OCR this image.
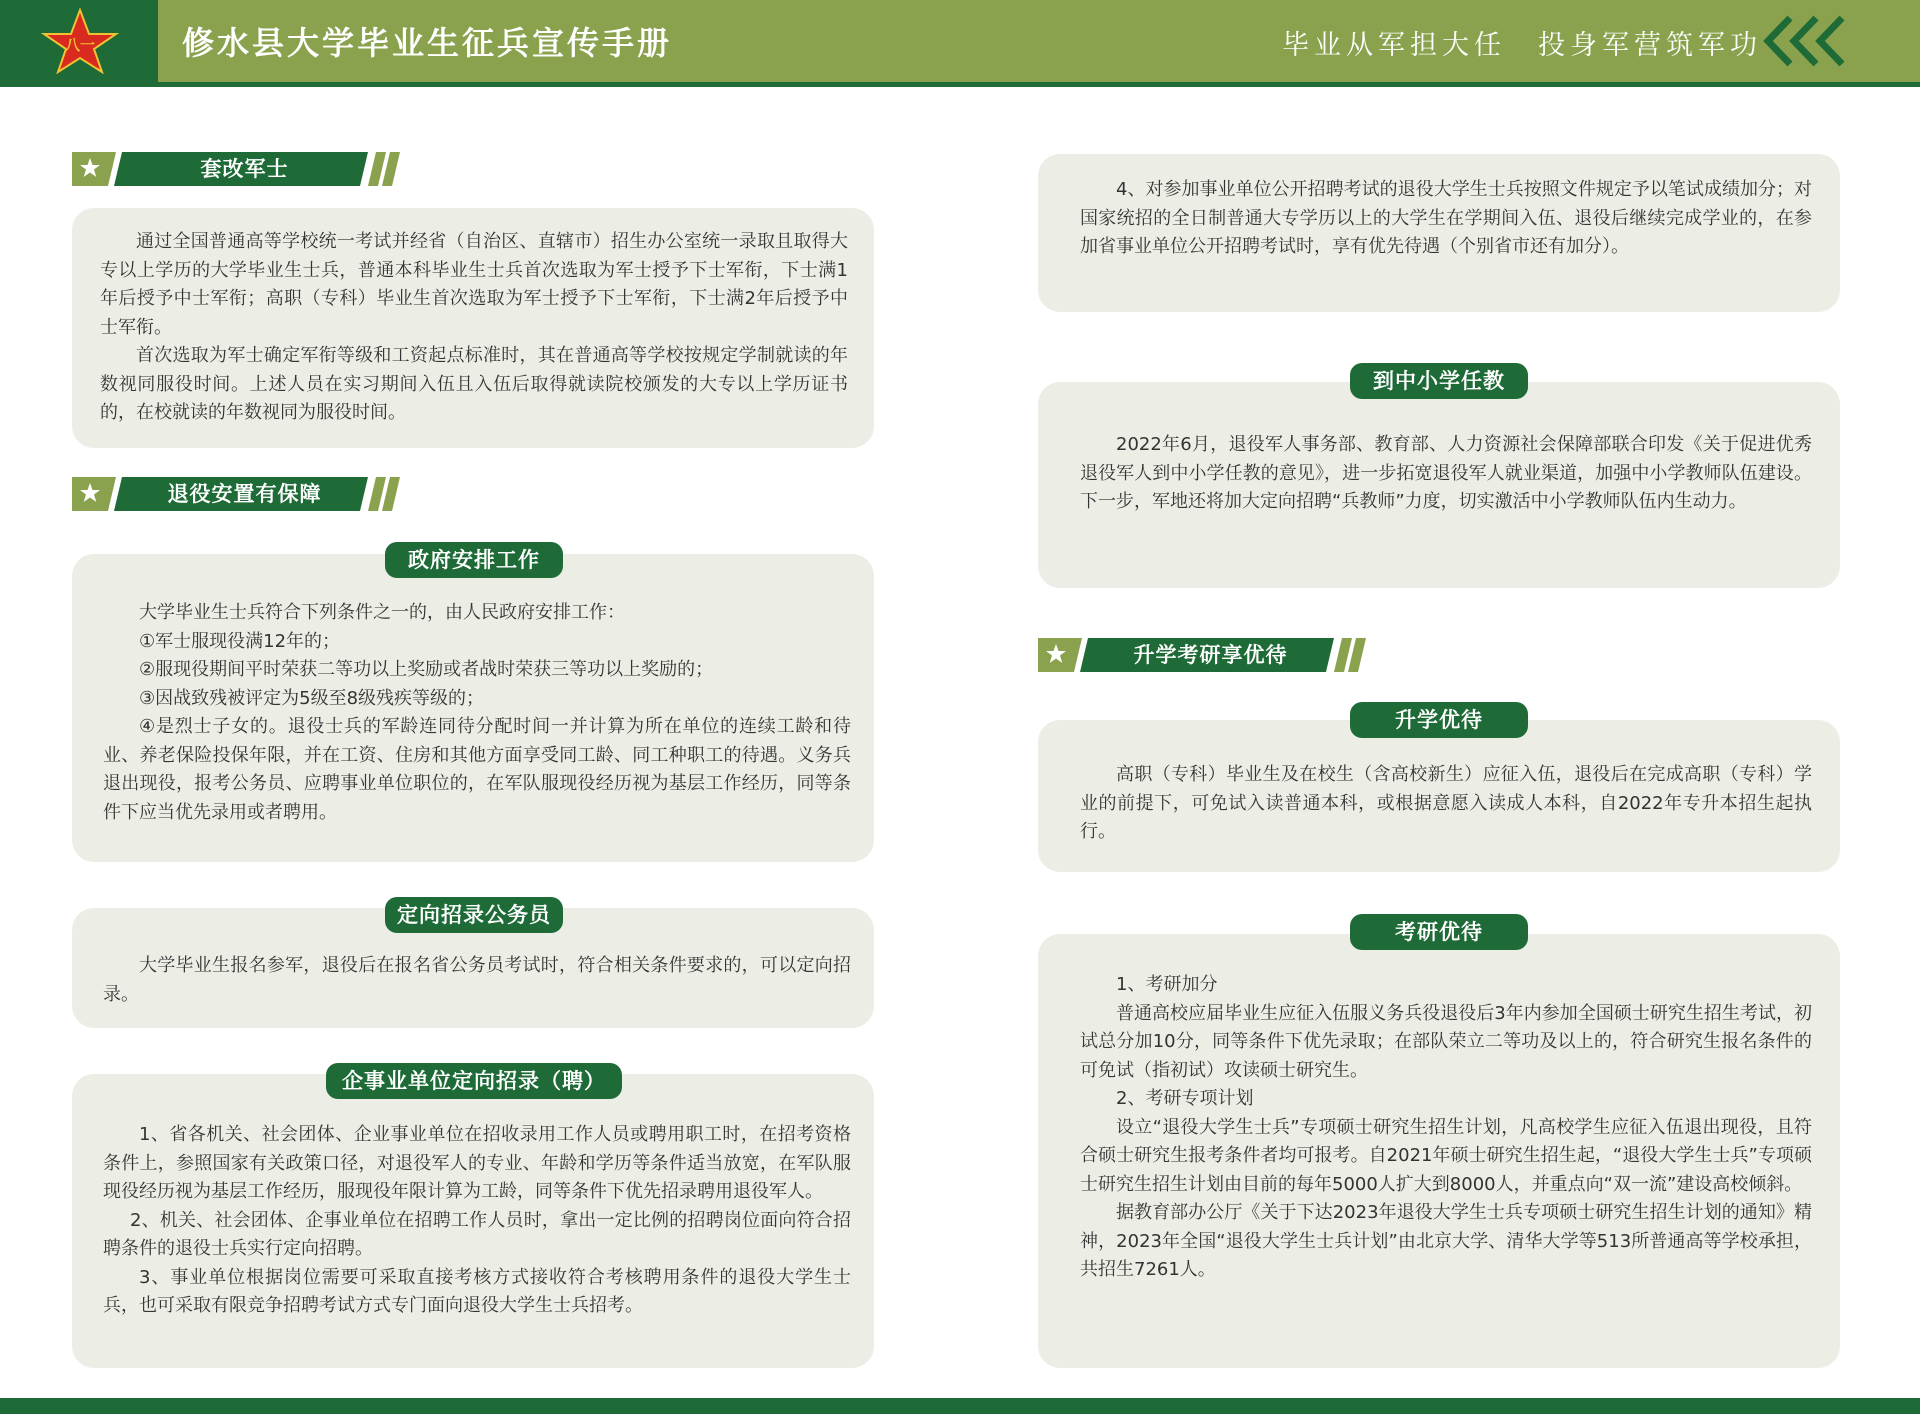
八一	修水县大学毕业生征兵宣传手册	毕业从军担大任　投身军营筑军功
套改军士

通过全国普通高等学校统一考试并经省（自治区、直辖市）招生办公室统一录取且取得大专以上学历的大学毕业生士兵，普通本科毕业生士兵首次选取为军士授予下士军衔，下士满1年后授予中士军衔；高职（专科）毕业生首次选取为军士授予下士军衔，下士满2年后授予中士军衔。

首次选取为军士确定军衔等级和工资起点标准时，其在普通高等学校按规定学制就读的年数视同服役时间。上述人员在实习期间入伍且入伍后取得就读院校颁发的大专以上学历证书的，在校就读的年数视同为服役时间。

退役安置有保障
政府安排工作

大学毕业生士兵符合下列条件之一的，由人民政府安排工作：

①军士服现役满12年的；

②服现役期间平时荣获二等功以上奖励或者战时荣获三等功以上奖励的；

③因战致残被评定为5级至8级残疾等级的；

④是烈士子女的。退役士兵的军龄连同待分配时间一并计算为所在单位的连续工龄和待业、养老保险投保年限，并在工资、住房和其他方面享受同工龄、同工种职工的待遇。义务兵退出现役，报考公务员、应聘事业单位职位的，在军队服现役经历视为基层工作经历，同等条件下应当优先录用或者聘用。

定向招录公务员

大学毕业生报名参军，退役后在报名省公务员考试时，符合相关条件要求的，可以定向招录。

企事业单位定向招录（聘）

1、省各机关、社会团体、企业事业单位在招收录用工作人员或聘用职工时，在招考资格条件上，参照国家有关政策口径，对退役军人的专业、年龄和学历等条件适当放宽，在军队服现役经历视为基层工作经历，服现役年限计算为工龄，同等条件下优先招录聘用退役军人。

2、机关、社会团体、企事业单位在招聘工作人员时，拿出一定比例的招聘岗位面向符合招聘条件的退役士兵实行定向招聘。

3、事业单位根据岗位需要可采取直接考核方式接收符合考核聘用条件的退役大学生士兵，也可采取有限竞争招聘考试方式专门面向退役大学生士兵招考。

4、对参加事业单位公开招聘考试的退役大学生士兵按照文件规定予以笔试成绩加分；对国家统招的全日制普通大专学历以上的大学生在学期间入伍、退役后继续完成学业的，在参加省事业单位公开招聘考试时，享有优先待遇（个别省市还有加分）。

到中小学任教

2022年6月，退役军人事务部、教育部、人力资源社会保障部联合印发《关于促进优秀退役军人到中小学任教的意见》，进一步拓宽退役军人就业渠道，加强中小学教师队伍建设。下一步，军地还将加大定向招聘“兵教师”力度，切实激活中小学教师队伍内生动力。

升学考研享优待
升学优待

高职（专科）毕业生及在校生（含高校新生）应征入伍，退役后在完成高职（专科）学业的前提下，可免试入读普通本科，或根据意愿入读成人本科，自2022年专升本招生起执行。

考研优待

1、考研加分

普通高校应届毕业生应征入伍服义务兵役退役后3年内参加全国硕士研究生招生考试，初试总分加10分，同等条件下优先录取；在部队荣立二等功及以上的，符合研究生报名条件的可免试（指初试）攻读硕士研究生。

2、考研专项计划

设立“退役大学生士兵”专项硕士研究生招生计划，凡高校学生应征入伍退出现役，且符合硕士研究生报考条件者均可报考。自2021年硕士研究生招生起，“退役大学生士兵”专项硕士研究生招生计划由目前的每年5000人扩大到8000人，并重点向“双一流”建设高校倾斜。

据教育部办公厅《关于下达2023年退役大学生士兵专项硕士研究生招生计划的通知》精神，2023年全国“退役大学生士兵计划”由北京大学、清华大学等513所普通高等学校承担，共招生7261人。
